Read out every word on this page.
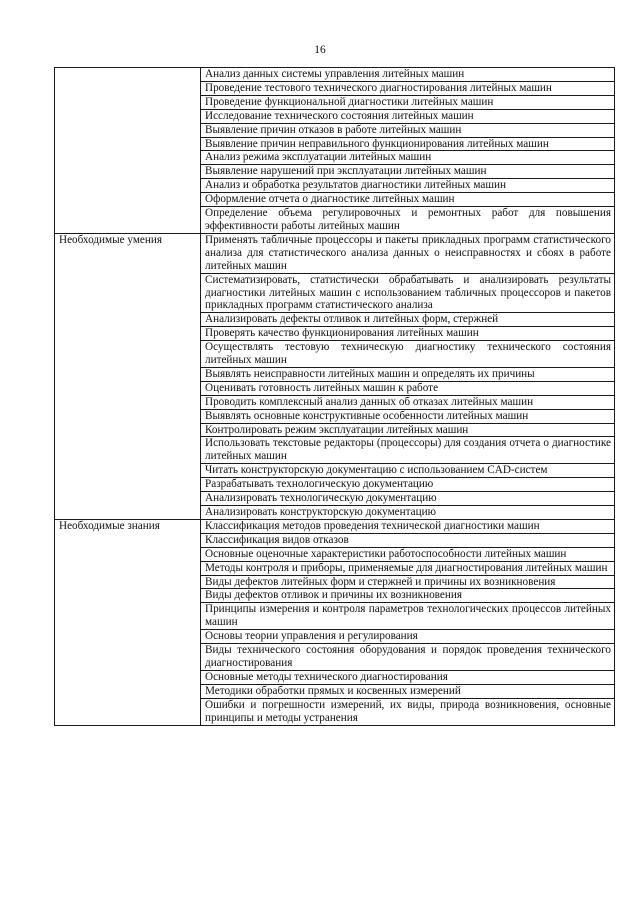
16
	Анализ данных системы управления литейных машин
	Проведение тестового технического диагностирования литейных машин
	Проведение функциональной диагностики литейных машин
	Исследование технического состояния литейных машин
	Выявление причин отказов в работе литейных машин
	Выявление причин неправильного функционирования литейных машин
	Анализ режима эксплуатации литейных машин
	Выявление нарушений при эксплуатации литейных машин
	Анализ и обработка результатов диагностики литейных машин
	Оформление отчета о диагностике литейных машин
	Определение объема регулировочных и ремонтных работ для повышения эффективности работы литейных машин
Необходимые умения	Применять табличные процессоры и пакеты прикладных программ статистического анализа для статистического анализа данных о неисправностях и сбоях в работе литейных машин
	Систематизировать, статистически обрабатывать и анализировать результаты диагностики литейных машин с использованием табличных процессоров и пакетов прикладных программ статистического анализа
	Анализировать дефекты отливок и литейных форм, стержней
	Проверять качество функционирования литейных машин
	Осуществлять тестовую техническую диагностику технического состояния литейных машин
	Выявлять неисправности литейных машин и определять их причины
	Оценивать готовность литейных машин к работе
	Проводить комплексный анализ данных об отказах литейных машин
	Выявлять основные конструктивные особенности литейных машин
	Контролировать режим эксплуатации литейных машин
	Использовать текстовые редакторы (процессоры) для создания отчета о диагностике литейных машин
	Читать конструкторскую документацию с использованием CAD-систем
	Разрабатывать технологическую документацию
	Анализировать технологическую документацию
	Анализировать конструкторскую документацию
Необходимые знания	Классификация методов проведения технической диагностики машин
	Классификация видов отказов
	Основные оценочные характеристики работоспособности литейных машин
	Методы контроля и приборы, применяемые для диагностирования литейных машин
	Виды дефектов литейных форм и стержней и причины их возникновения
	Виды дефектов отливок и причины их возникновения
	Принципы измерения и контроля параметров технологических процессов литейных машин
	Основы теории управления и регулирования
	Виды технического состояния оборудования и порядок проведения технического диагностирования
	Основные методы технического диагностирования
	Методики обработки прямых и косвенных измерений
	Ошибки и погрешности измерений, их виды, природа возникновения, основные принципы и методы устранения
